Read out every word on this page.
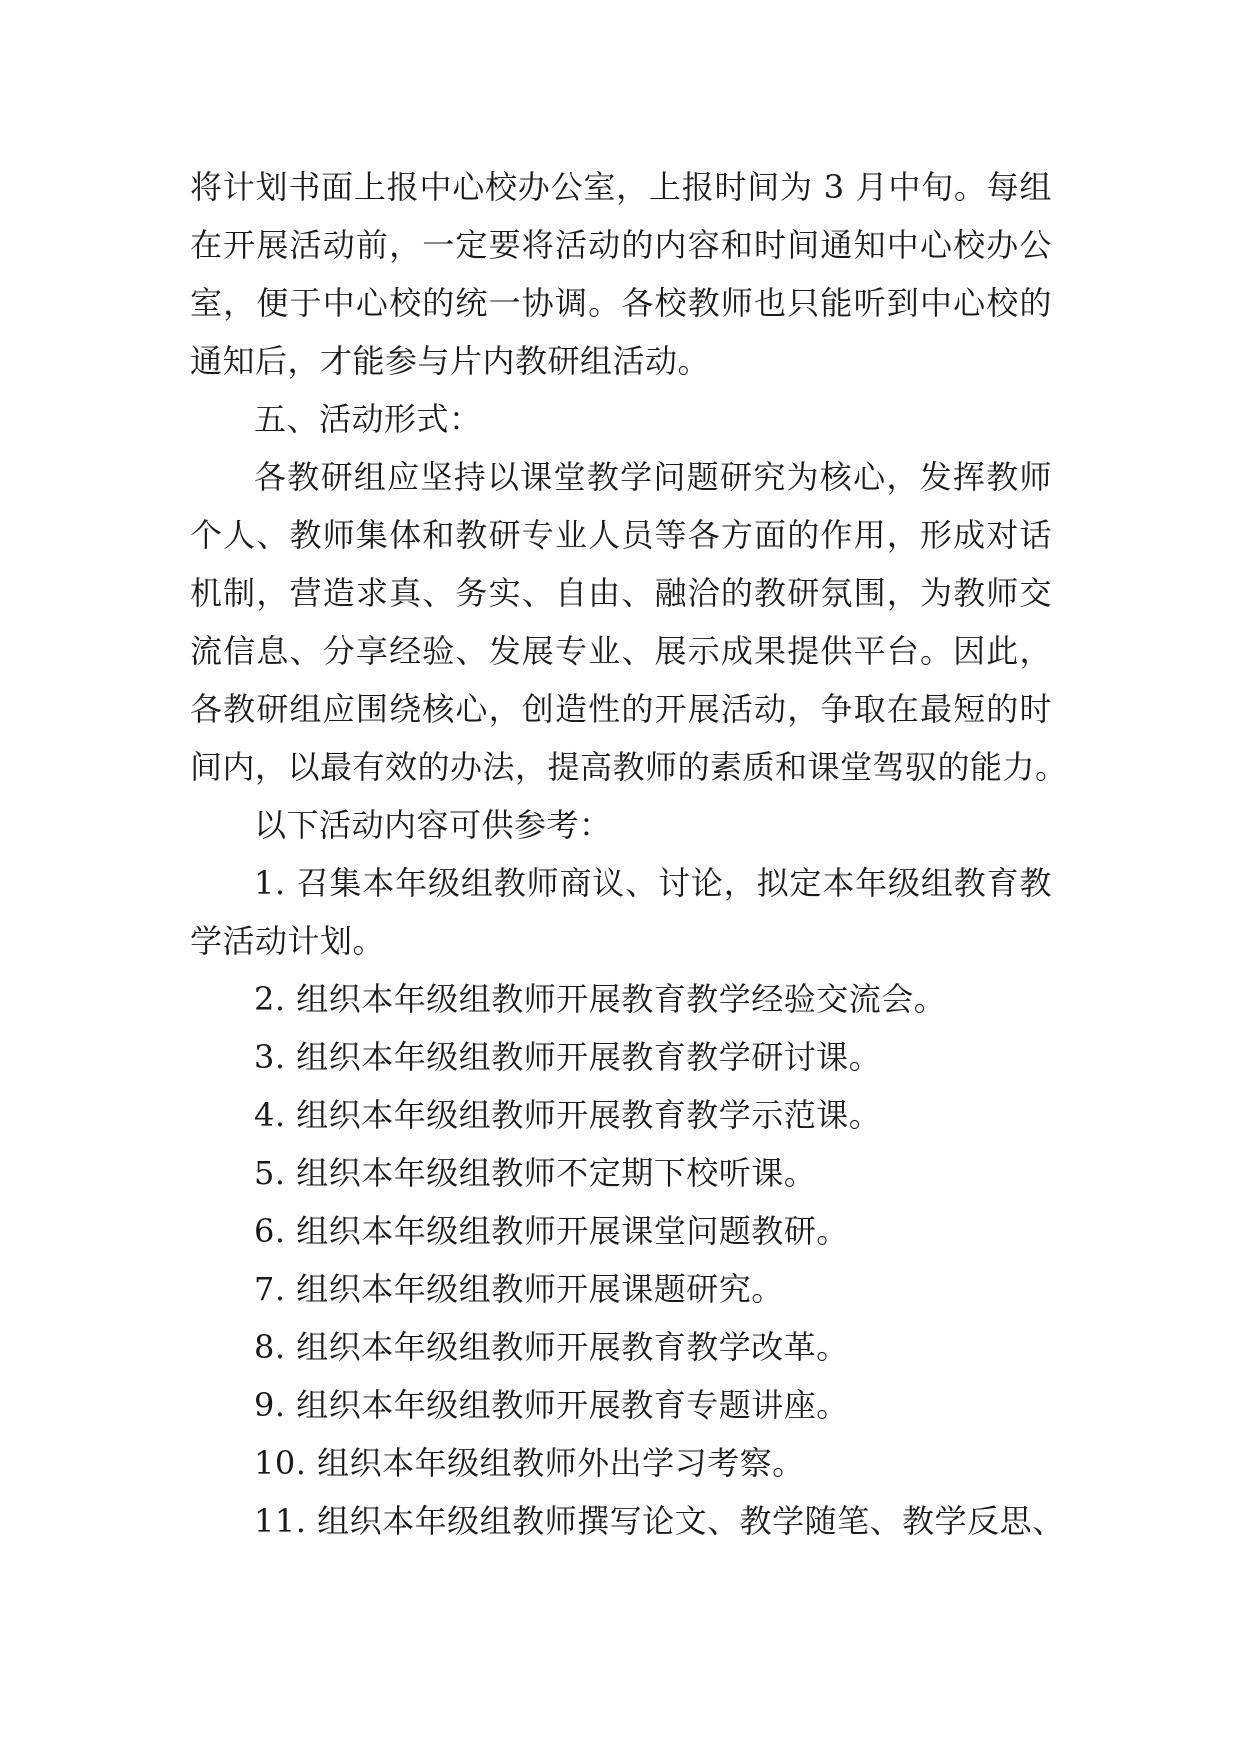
将计划书面上报中心校办公室，上报时间为 3 月中旬。每组
在开展活动前，一定要将活动的内容和时间通知中心校办公
室，便于中心校的统一协调。各校教师也只能听到中心校的
通知后，才能参与片内教研组活动。
五、活动形式：
各教研组应坚持以课堂教学问题研究为核心，发挥教师
个人、教师集体和教研专业人员等各方面的作用，形成对话
机制，营造求真、务实、自由、融洽的教研氛围，为教师交
流信息、分享经验、发展专业、展示成果提供平台。因此，
各教研组应围绕核心，创造性的开展活动，争取在最短的时
间内，以最有效的办法，提高教师的素质和课堂驾驭的能力。
以下活动内容可供参考：
1. 召集本年级组教师商议、讨论，拟定本年级组教育教
学活动计划。
2. 组织本年级组教师开展教育教学经验交流会。
3. 组织本年级组教师开展教育教学研讨课。
4. 组织本年级组教师开展教育教学示范课。
5. 组织本年级组教师不定期下校听课。
6. 组织本年级组教师开展课堂问题教研。
7. 组织本年级组教师开展课题研究。
8. 组织本年级组教师开展教育教学改革。
9. 组织本年级组教师开展教育专题讲座。
10. 组织本年级组教师外出学习考察。
11. 组织本年级组教师撰写论文、教学随笔、教学反思、
